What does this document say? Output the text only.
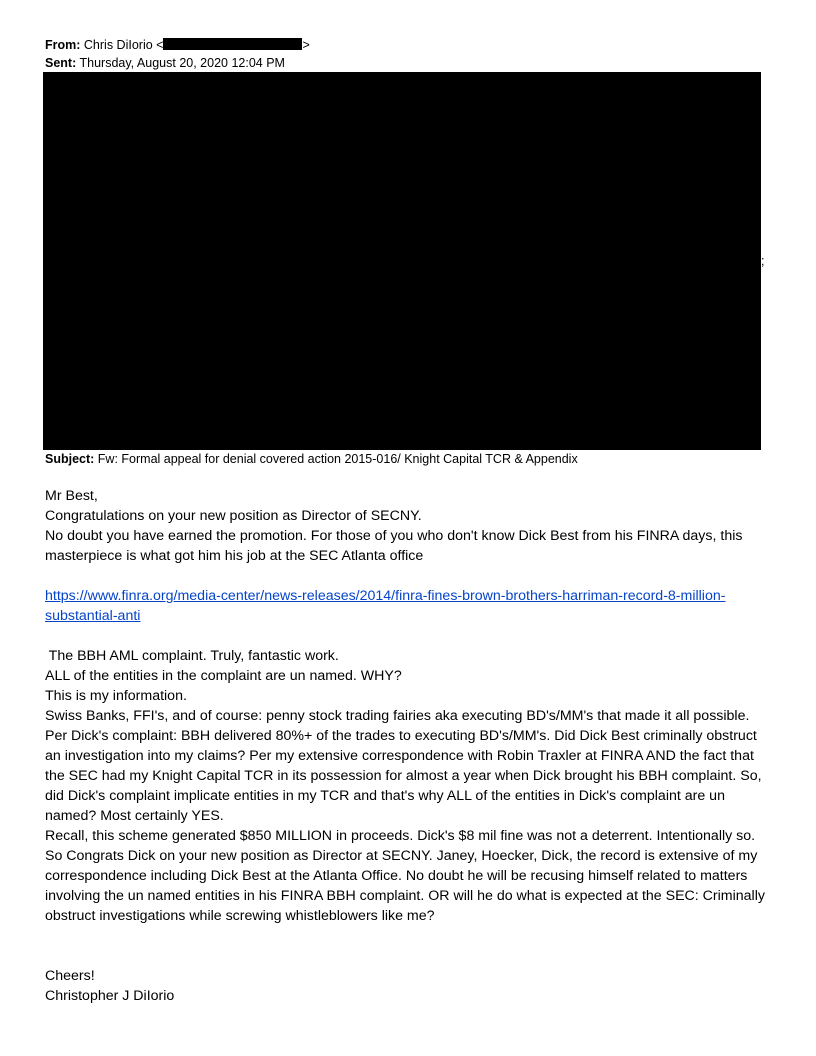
From: Chris DiIorio <	>
Sent: Thursday, August 20, 2020 12:04 PM
;
Subject: Fw: Formal appeal for denial covered action 2015-016/ Knight Capital TCR & Appendix

Mr Best,

Congratulations on your new position as Director of SECNY.

No doubt you have earned the promotion. For those of you who don't know Dick Best from his FINRA days, this masterpiece is what got him his job at the SEC Atlanta office

https://www.finra.org/media-center/news-releases/2014/finra-fines-brown-brothers-harriman-record-8-million-substantial-anti

The BBH AML complaint. Truly, fantastic work.

ALL of the entities in the complaint are un named. WHY?

This is my information.

Swiss Banks, FFI's, and of course: penny stock trading fairies aka executing BD's/MM's that made it all possible.

Per Dick's complaint: BBH delivered 80%+ of the trades to executing BD's/MM's. Did Dick Best criminally obstruct an investigation into my claims? Per my extensive correspondence with Robin Traxler at FINRA AND the fact that the SEC had my Knight Capital TCR in its possession for almost a year when Dick brought his BBH complaint. So, did Dick's complaint implicate entities in my TCR and that's why ALL of the entities in Dick's complaint are un named? Most certainly YES.

Recall, this scheme generated $850 MILLION in proceeds. Dick's $8 mil fine was not a deterrent. Intentionally so.

So Congrats Dick on your new position as Director at SECNY. Janey, Hoecker, Dick, the record is extensive of my correspondence including Dick Best at the Atlanta Office. No doubt he will be recusing himself related to matters involving the un named entities in his FINRA BBH complaint. OR will he do what is expected at the SEC: Criminally obstruct investigations while screwing whistleblowers like me?

Cheers!

Christopher J DiIorio
